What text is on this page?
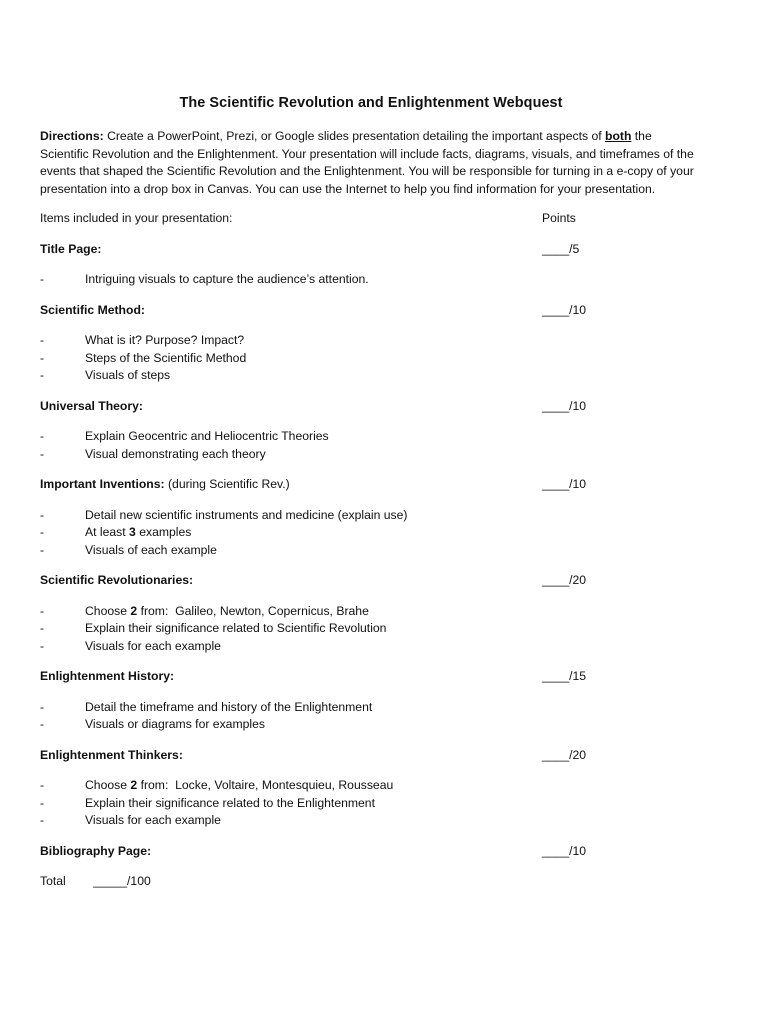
The Scientific Revolution and Enlightenment Webquest
Directions: Create a PowerPoint, Prezi, or Google slides presentation detailing the important aspects of both the Scientific Revolution and the Enlightenment. Your presentation will include facts, diagrams, visuals, and timeframes of the events that shaped the Scientific Revolution and the Enlightenment. You will be responsible for turning in a e-copy of your presentation into a drop box in Canvas. You can use the Internet to help you find information for your presentation.
Items included in your presentation:	Points
Title Page:	____/5
-	Intriguing visuals to capture the audience’s attention.
Scientific Method:	____/10
-	What is it? Purpose? Impact?
-	Steps of the Scientific Method
-	Visuals of steps
Universal Theory:	____/10
-	Explain Geocentric and Heliocentric Theories
-	Visual demonstrating each theory
Important Inventions: (during Scientific Rev.)	____/10
-	Detail new scientific instruments and medicine (explain use)
-	At least 3 examples
-	Visuals of each example
Scientific Revolutionaries:	____/20
-	Choose 2 from:  Galileo, Newton, Copernicus, Brahe
-	Explain their significance related to Scientific Revolution
-	Visuals for each example
Enlightenment History:	____/15
-	Detail the timeframe and history of the Enlightenment
-	Visuals or diagrams for examples
Enlightenment Thinkers:	____/20
-	Choose 2 from:  Locke, Voltaire, Montesquieu, Rousseau
-	Explain their significance related to the Enlightenment
-	Visuals for each example
Bibliography Page:	____/10
Total _____/100
